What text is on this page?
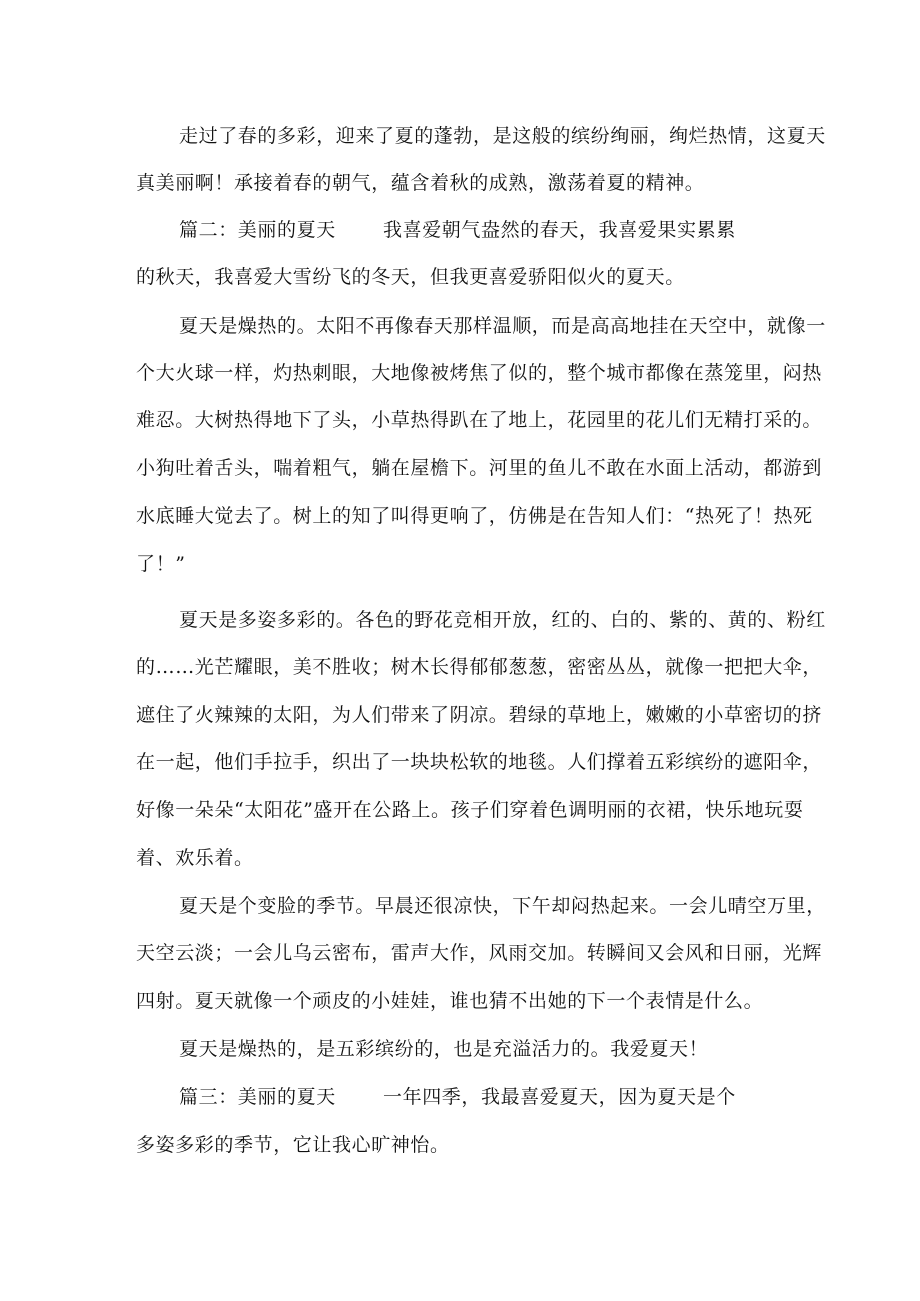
走过了春的多彩，迎来了夏的蓬勃，是这般的缤纷绚丽，绚烂热情，这夏天
真美丽啊！承接着春的朝气，蕴含着秋的成熟，激荡着夏的精神。
篇二：美丽的夏天 我喜爱朝气盎然的春天，我喜爱果实累累
的秋天，我喜爱大雪纷飞的冬天，但我更喜爱骄阳似火的夏天。
夏天是燥热的。太阳不再像春天那样温顺，而是高高地挂在天空中，就像一
个大火球一样，灼热刺眼，大地像被烤焦了似的，整个城市都像在蒸笼里，闷热
难忍。大树热得地下了头，小草热得趴在了地上，花园里的花儿们无精打采的。
小狗吐着舌头，喘着粗气，躺在屋檐下。河里的鱼儿不敢在水面上活动，都游到
水底睡大觉去了。树上的知了叫得更响了，仿佛是在告知人们：“热死了！热死
了！”
夏天是多姿多彩的。各色的野花竞相开放，红的、白的、紫的、黄的、粉红
的……光芒耀眼，美不胜收；树木长得郁郁葱葱，密密丛丛，就像一把把大伞，
遮住了火辣辣的太阳，为人们带来了阴凉。碧绿的草地上，嫩嫩的小草密切的挤
在一起，他们手拉手，织出了一块块松软的地毯。人们撑着五彩缤纷的遮阳伞，
好像一朵朵“太阳花”盛开在公路上。孩子们穿着色调明丽的衣裙，快乐地玩耍
着、欢乐着。
夏天是个变脸的季节。早晨还很凉快，下午却闷热起来。一会儿晴空万里，
天空云淡；一会儿乌云密布，雷声大作，风雨交加。转瞬间又会风和日丽，光辉
四射。夏天就像一个顽皮的小娃娃，谁也猜不出她的下一个表情是什么。
夏天是燥热的，是五彩缤纷的，也是充溢活力的。我爱夏天！
篇三：美丽的夏天 一年四季，我最喜爱夏天，因为夏天是个
多姿多彩的季节，它让我心旷神怡。
